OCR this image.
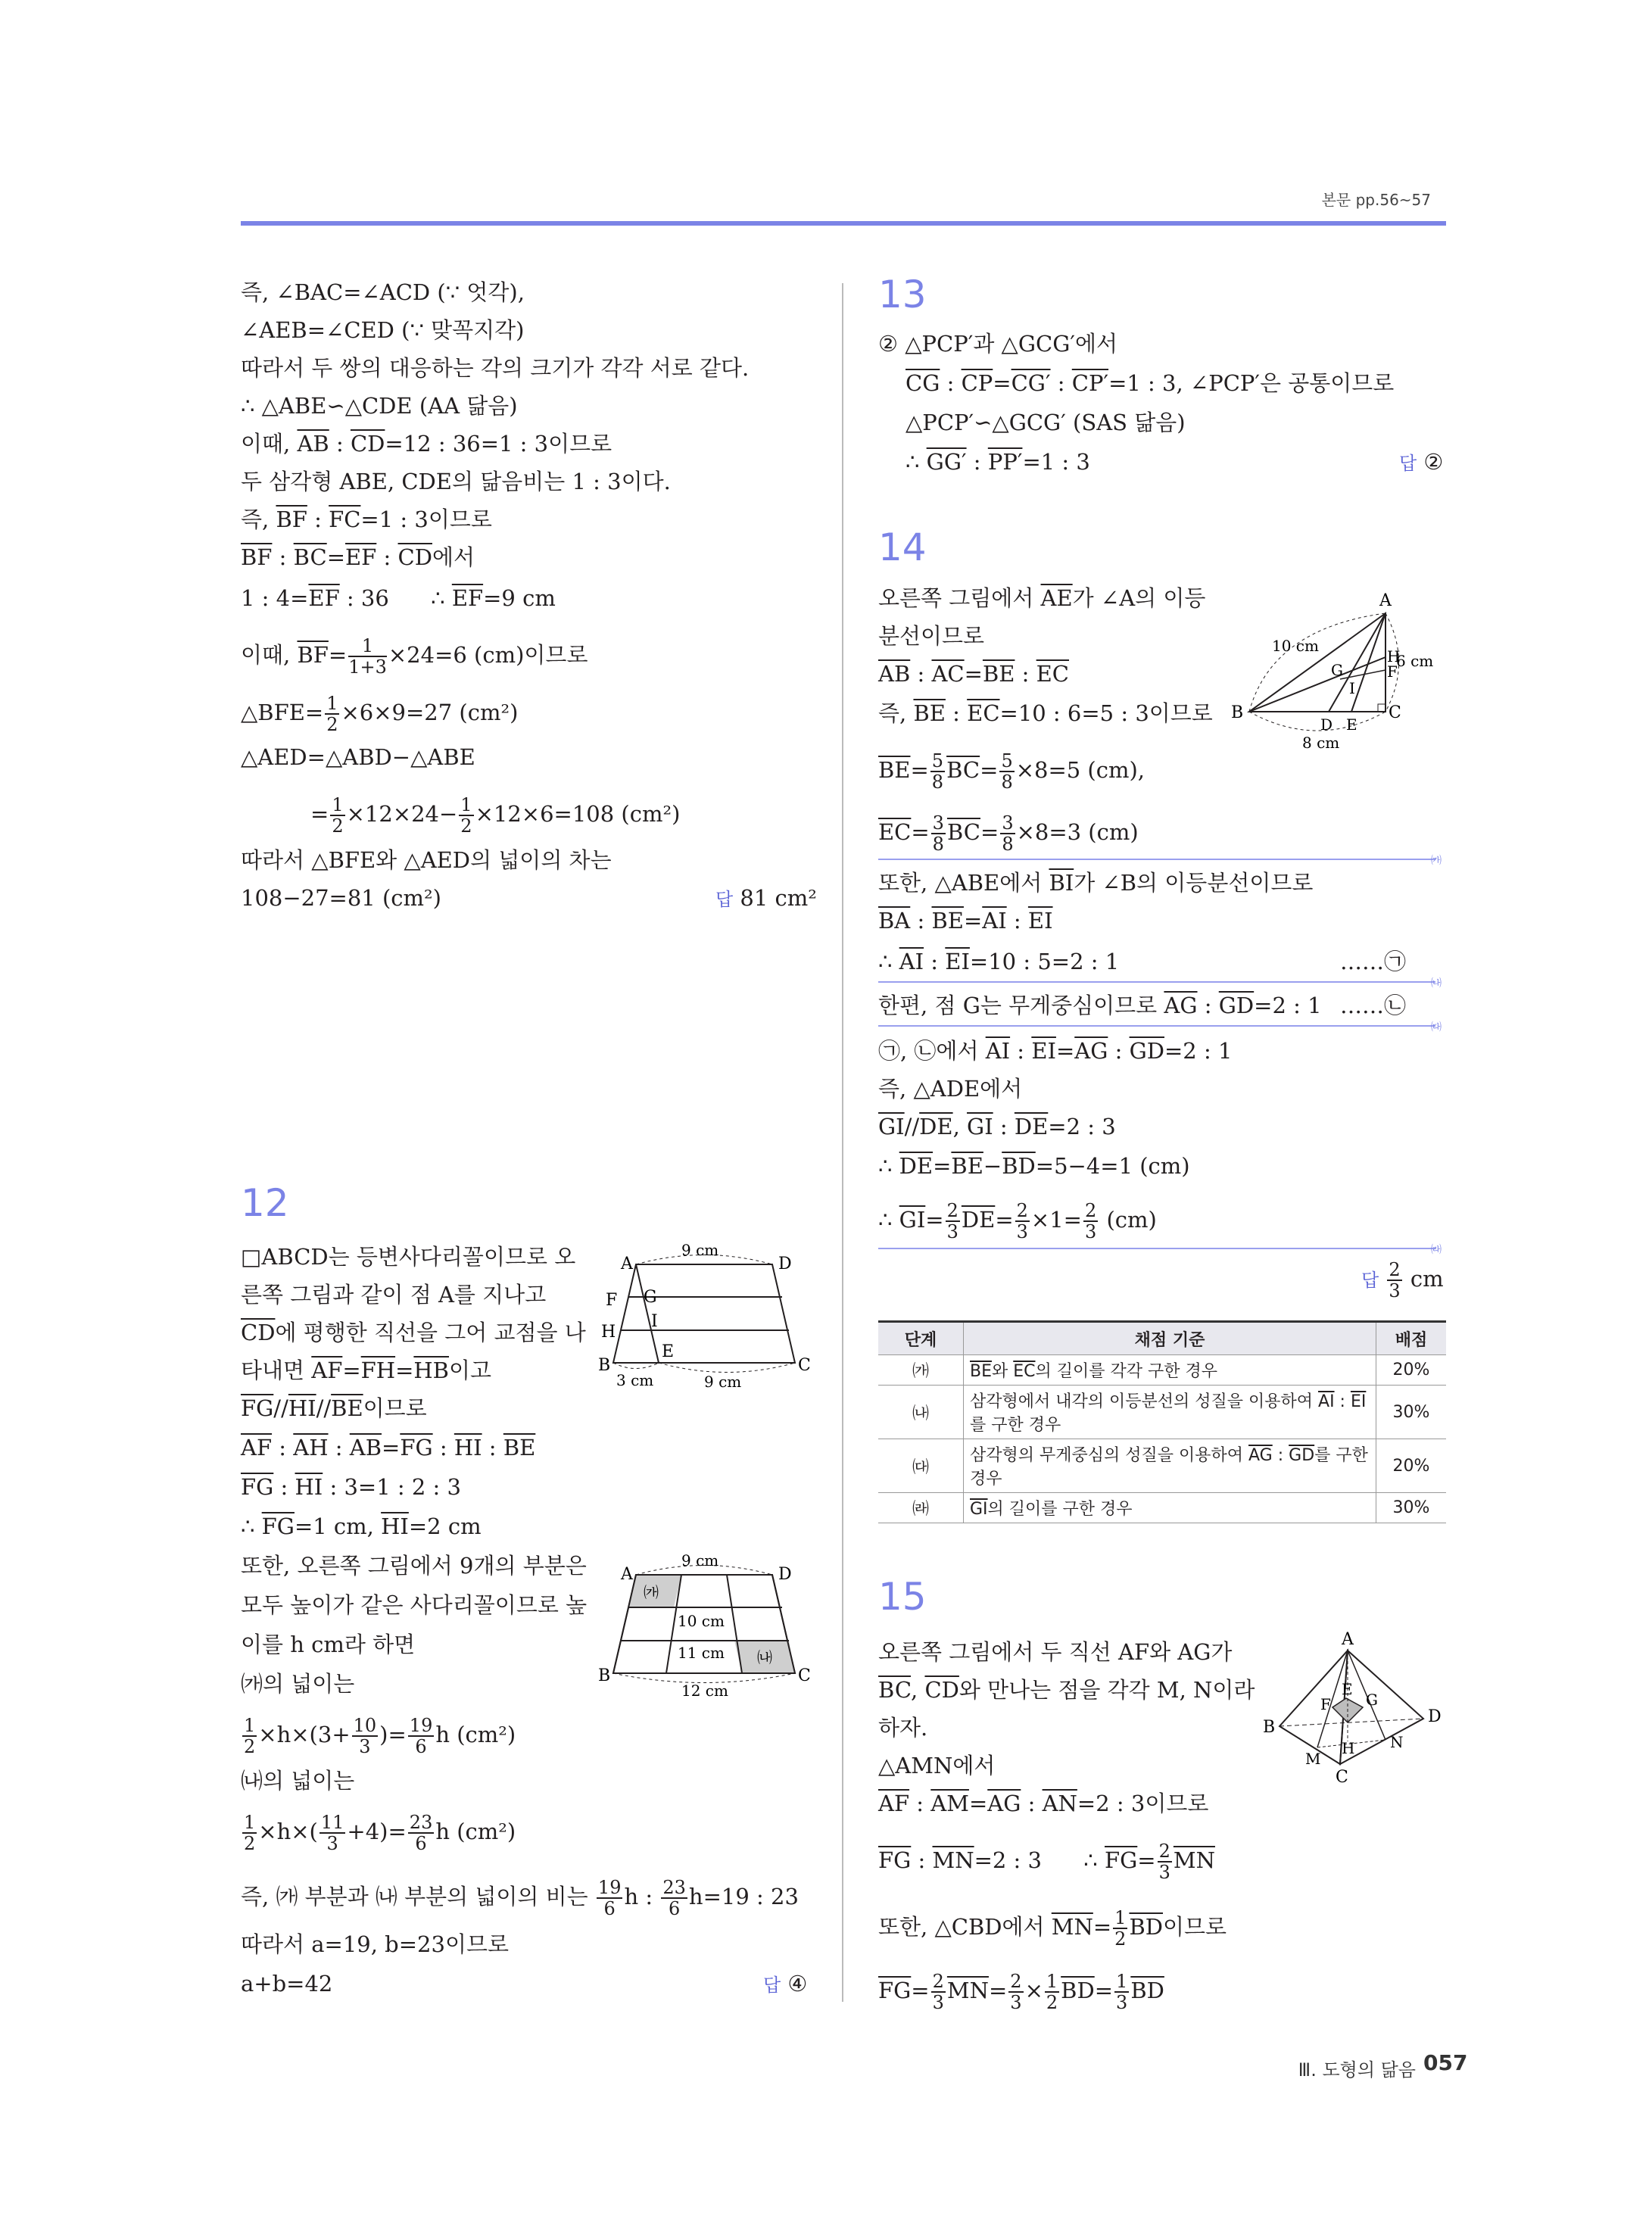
본문 pp.56~57
즉, ∠BAC=∠ACD (∵ 엇각),
∠AEB=∠CED (∵ 맞꼭지각)
따라서 두 쌍의 대응하는 각의 크기가 각각 서로 같다.
∴ △ABE∽△CDE (AA 닮음)
이때, $\overline{AB}$ : $\overline{CD}=12$ : 36=1 : 3이므로
두 삼각형 ABE, CDE의 닮음비는 1 : 3이다.
즉, $\overline{BF}$ : $\overline{FC}=1$ : 3이므로
$\overline{BF}$ : $\overline{BC}=\overline{EF}$ : $\overline{CD}$에서
1 : $4=\overline{EF}$ : 36      ∴ $\overline{EF}=9$ cm
이때, $\overline{BF}= \frac{1}{1+3} \times 24=6$ (cm)이므로
△BFE= $\frac{1}{2} \times 6\times 9=27$ (cm²)
△AED=△ABD−△ABE
= $\frac{1}{2} \times 12\times 24- \frac{1}{2} \times 12\times 6=108$ (cm²)
따라서 △BFE와 △AED의 넓이의 차는
108−27=81 (cm²)	답 81 cm²
12
□ABCD는 등변사다리꼴이므로 오
른쪽 그림과 같이 점 A를 지나고
$\overline{CD}$에 평행한 직선을 그어 교점을 나
타내면 $\overline{AF}=\overline{FH}=\overline{HB}$이고
$\overline{FG}//\overline{HI}//\overline{BE}$이므로
$\overline{AF}$ : $\overline{AH}$ : $\overline{AB}=\overline{FG}$ : $\overline{HI}$ : $\overline{BE}$
$\overline{FG}$ : $\overline{HI}$ : 3=1 : 2 : 3
∴ $\overline{FG}=1$ cm, $\overline{HI}=2$ cm
또한, 오른쪽 그림에서 9개의 부분은
모두 높이가 같은 사다리꼴이므로 높
이를 h cm라 하면
㈎의 넓이는
$\frac{1}{2} \times h\times(3+ \frac{10}{3}$ )= $\frac{19}{6}$ h (cm²)
㈏의 넓이는
$\frac{1}{2} \times h\times( \frac{11}{3} +4)= \frac{23}{6}$ h (cm²)
즉, ㈎ 부분과 ㈏ 부분의 넓이의 비는 $\frac{19}{6}$ h : $\frac{23}{6} h=19$ : 23
따라서 a=19, b=23이므로
a+b=42	답 ④
A	D
F G
H
I
B
E
C
9 cm
3 cm	9 cm
A	D
B	C
9 cm
10 cm
11 cm
12 cm
㈎
㈏
13
② △PCP′과 △GCG′에서
$\overline{CG}$ : $\overline{CP}=CG'$ : CP′=1 : 3, ∠PCP′은 공통이므로
△PCP′∽△GCG′ (SAS 닮음)
∴ GG′ : PP′=1 : 3	답 ②
14
오른쪽 그림에서 $\overline{AE}$가 ∠A의 이등
분선이므로
$\overline{AB}$ : $\overline{AC}=\overline{BE}$ : $\overline{EC}$
즉, $\overline{BE}$ : $\overline{EC}=10$ : 6=5 : 3이므로
$\overline{BE}= \frac{5}{8} \overline{BC}= \frac{5}{8} \times 8=5$ (cm),
$\overline{EC}= \frac{3}{8} \overline{BC}= \frac{3}{8} \times 8=3$ (cm)
㈎
또한, △ABE에서 $\overline{BI}$가 ∠B의 이등분선이므로
$\overline{BA}$ : $\overline{BE}=\overline{AI}$ : $\overline{EI}$
∴ $\overline{AI}$ : $\overline{EI}=10$ : 5=2 : 1	……㉠
㈏
한편, 점 G는 무게중심이므로 $\overline{AG}$ : $\overline{GD}=2$ : 1 ……㉡
㈐
㉠, ㉡에서 $\overline{AI}$ : $\overline{EI}=\overline{AG}$ : $\overline{GD}=2$ : 1
즉, △ADE에서
$\overline{GI}//\overline{DE}$, $\overline{GI}$ : $\overline{DE}=2$ : 3
∴ $\overline{DE}=\overline{BE}-\overline{BD}=5-4=1$ (cm)
∴ $\overline{GI}= \frac{2}{3} \overline{DE}= \frac{2}{3} \times 1= \frac{2}{3} (cm)$
㈑
답 $\frac{2}{3}$ cm
A
B	C
D E
F
G
H
I
10 cm
6 cm
8 cm
단계	채점 기준	배점
㈎	$\overline{BE}$와 $\overline{EC}$의 길이를 각각 구한 경우	20%
㈏	삼각형에서 내각의 이등분선의 성질을 이용하여 $\overline{AI}$ : $\overline{EI}$를 구한 경우	30%
㈐	삼각형의 무게중심의 성질을 이용하여 $\overline{AG}$ : $\overline{GD}$를 구한 경우	20%
㈑	$\overline{GI}$의 길이를 구한 경우	30%
15
오른쪽 그림에서 두 직선 AF와 AG가
$\overline{BC}$, $\overline{CD}$와 만나는 점을 각각 M, N이라
하자.
△AMN에서
$\overline{AF}$ : $\overline{AM}=\overline{AG}$ : $\overline{AN}=2$ : 3이므로
$\overline{FG}$ : $\overline{MN}=2$ : 3      ∴ $\overline{FG}= \frac{2}{3} \overline{MN}$
또한, △CBD에서 $\overline{MN}= \frac{1}{2} \overline{BD}$이므로
$\overline{FG}= \frac{2}{3} \overline{MN}= \frac{2}{3} \times \frac{1}{2} \overline{BD}= \frac{1}{3} \overline{BD}$
A
B
C
D
E
F G
H
M
N
Ⅲ. 도형의 닮음 057
